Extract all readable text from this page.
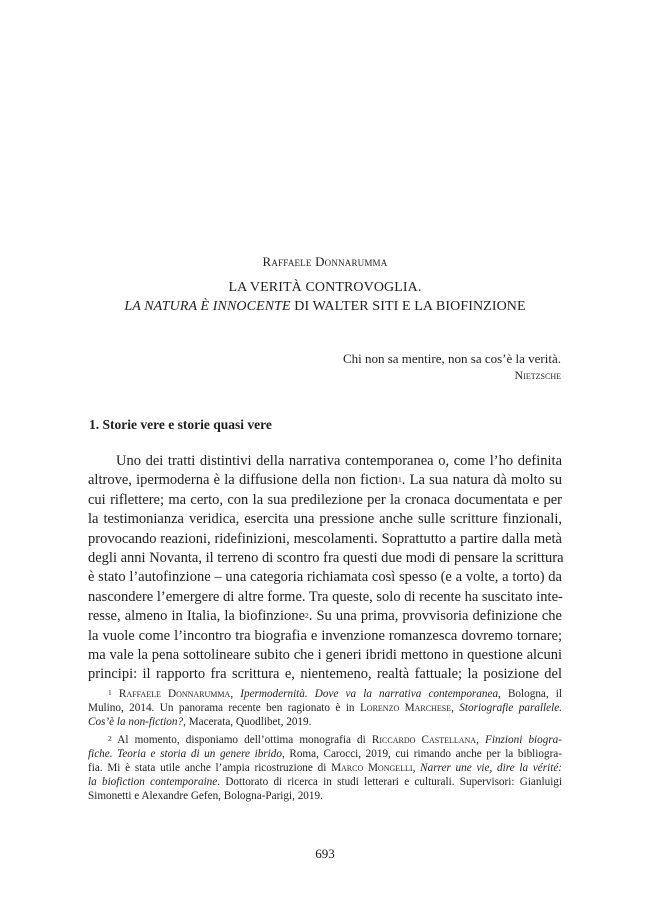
Raffaele Donnarumma
LA VERITÀ CONTROVOGLIA.
LA NATURA È INNOCENTE DI WALTER SITI E LA BIOFINZIONE
Chi non sa mentire, non sa cos’è la verità.
Nietzsche
1. Storie vere e storie quasi vere
Uno dei tratti distintivi della narrativa contemporanea o, come l’ho definita
altrove, ipermoderna è la diffusione della non fiction$^1$. La sua natura dà molto su
cui riflettere; ma certo, con la sua predilezione per la cronaca documentata e per
la testimonianza veridica, esercita una pressione anche sulle scritture finzionali,
provocando reazioni, ridefinizioni, mescolamenti. Soprattutto a partire dalla metà
degli anni Novanta, il terreno di scontro fra questi due modi di pensare la scrittura
è stato l’autofinzione – una categoria richiamata così spesso (e a volte, a torto) da
nascondere l’emergere di altre forme. Tra queste, solo di recente ha suscitato inte-
resse, almeno in Italia, la biofinzione$^2$. Su una prima, provvisoria definizione che
la vuole come l’incontro tra biografia e invenzione romanzesca dovremo tornare;
ma vale la pena sottolineare subito che i generi ibridi mettono in questione alcuni
principi: il rapporto fra scrittura e, nientemeno, realtà fattuale; la posizione del
$^1$ Raffaele Donnarumma, Ipermodernità. Dove va la narrativa contemporanea, Bologna, il
Mulino, 2014. Un panorama recente ben ragionato è in Lorenzo Marchese, Storiografie parallele.
Cos’è la non-fiction?, Macerata, Quodlibet, 2019.
$^2$ Al momento, disponiamo dell’ottima monografia di Riccardo Castellana, Finzioni biogra-
fiche. Teoria e storia di un genere ibrido, Roma, Carocci, 2019, cui rimando anche per la bibliogra-
fia. Mi è stata utile anche l’ampia ricostruzione di Marco Mongelli, Narrer une vie, dire la vérité:
la biofiction contemporaine. Dottorato di ricerca in studi letterari e culturali. Supervisori: Gianluigi
Simonetti e Alexandre Gefen, Bologna-Parigi, 2019.
693
